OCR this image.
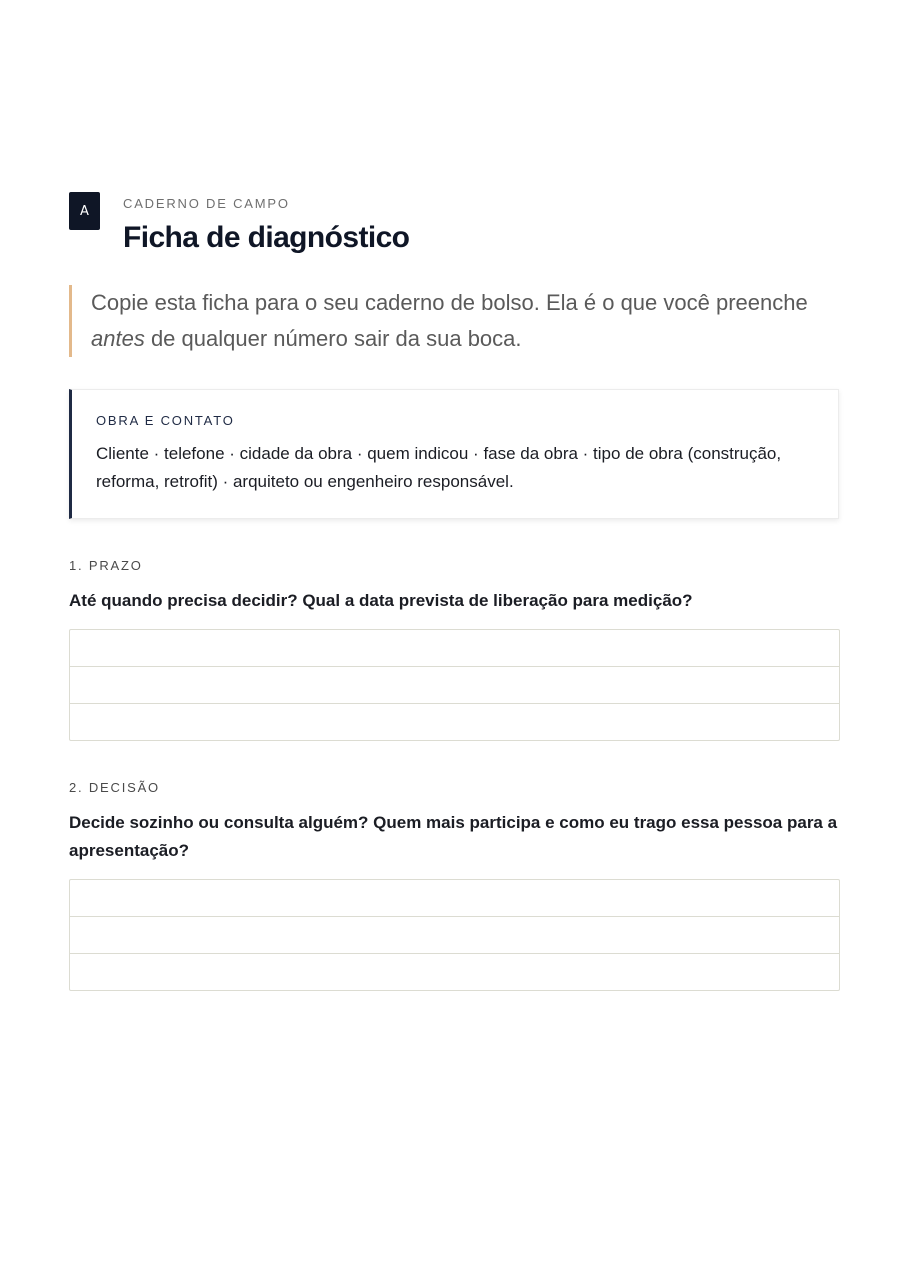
A	CADERNO DE CAMPO
Ficha de diagnóstico
Copie esta ficha para o seu caderno de bolso. Ela é o que você preenche antes de qualquer número sair da sua boca.
OBRA E CONTATO
Cliente · telefone · cidade da obra · quem indicou · fase da obra · tipo de obra (construção, reforma, retrofit) · arquiteto ou engenheiro responsável.
1. PRAZO
Até quando precisa decidir? Qual a data prevista de liberação para medição?
2. DECISÃO
Decide sozinho ou consulta alguém? Quem mais participa e como eu trago essa pessoa para a apresentação?
